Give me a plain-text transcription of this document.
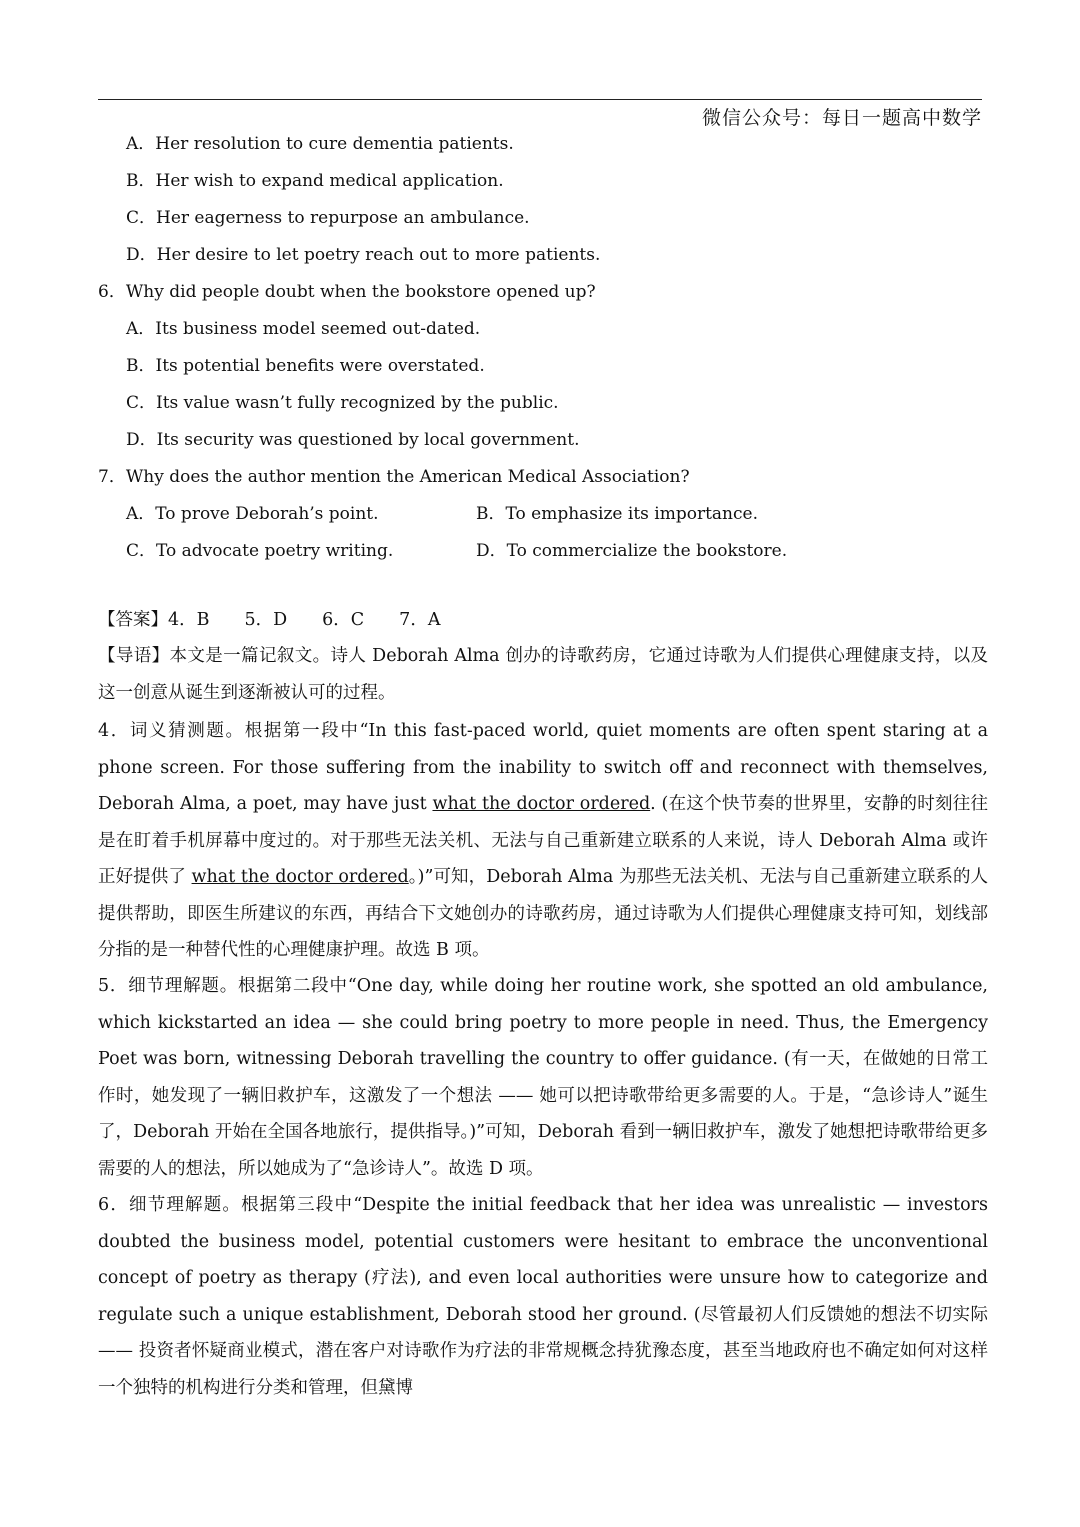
微信公众号：每日一题高中数学
A．Her resolution to cure dementia patients.
B．Her wish to expand medical application.
C．Her eagerness to repurpose an ambulance.
D．Her desire to let poetry reach out to more patients.
6．Why did people doubt when the bookstore opened up?
A．Its business model seemed out-dated.
B．Its potential benefits were overstated.
C．Its value wasn’t fully recognized by the public.
D．Its security was questioned by local government.
7．Why does the author mention the American Medical Association?
A．To prove Deborah’s point.	B．To emphasize its importance.
C．To advocate poetry writing.	D．To commercialize the bookstore.
【答案】4．B　　5．D　　6．C　　7．A
【导语】本文是一篇记叙文。诗人 Deborah Alma 创办的诗歌药房，它通过诗歌为人们提供心理健康支持，以及这一创意从诞生到逐渐被认可的过程。
4．词义猜测题。根据第一段中“In this fast-paced world, quiet moments are often spent staring at a phone screen. For those suffering from the inability to switch off and reconnect with themselves, Deborah Alma, a poet, may have just what the doctor ordered. (在这个快节奏的世界里，安静的时刻往往是在盯着手机屏幕中度过的。对于那些无法关机、无法与自己重新建立联系的人来说，诗人 Deborah Alma 或许正好提供了 what the doctor ordered。)”可知，Deborah Alma 为那些无法关机、无法与自己重新建立联系的人提供帮助，即医生所建议的东西，再结合下文她创办的诗歌药房，通过诗歌为人们提供心理健康支持可知，划线部分指的是一种替代性的心理健康护理。故选 B 项。
5．细节理解题。根据第二段中“One day, while doing her routine work, she spotted an old ambulance, which kickstarted an idea — she could bring poetry to more people in need. Thus, the Emergency Poet was born, witnessing Deborah travelling the country to offer guidance. (有一天，在做她的日常工作时，她发现了一辆旧救护车，这激发了一个想法 —— 她可以把诗歌带给更多需要的人。于是，“急诊诗人”诞生了，Deborah 开始在全国各地旅行，提供指导。)”可知，Deborah 看到一辆旧救护车，激发了她想把诗歌带给更多需要的人的想法，所以她成为了“急诊诗人”。故选 D 项。
6．细节理解题。根据第三段中“Despite the initial feedback that her idea was unrealistic — investors doubted the business model, potential customers were hesitant to embrace the unconventional concept of poetry as therapy (疗法), and even local authorities were unsure how to categorize and regulate such a unique establishment, Deborah stood her ground. (尽管最初人们反馈她的想法不切实际 —— 投资者怀疑商业模式，潜在客户对诗歌作为疗法的非常规概念持犹豫态度，甚至当地政府也不确定如何对这样一个独特的机构进行分类和管理，但黛博
